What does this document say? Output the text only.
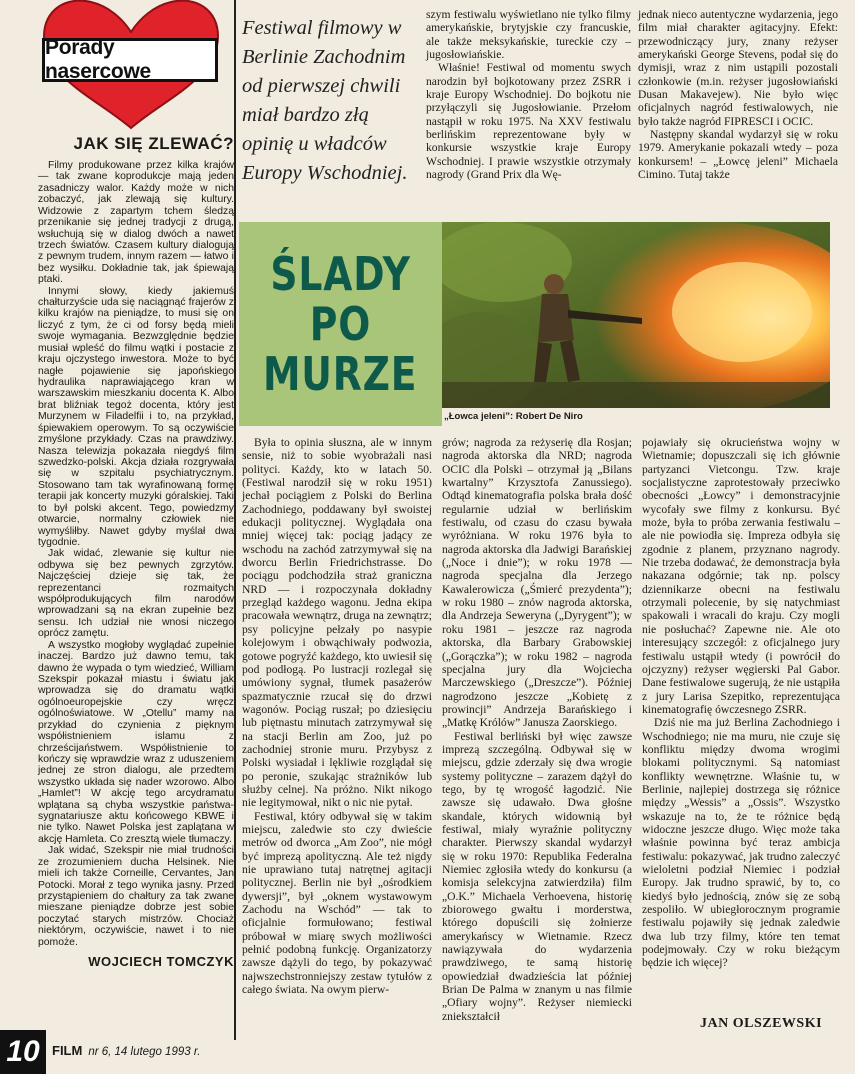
Porady nasercowe
JAK SIĘ ZLEWAĆ?

Filmy produkowane przez kilka krajów — tak zwane koprodukcje mają jeden zasadniczy walor. Każdy może w nich zobaczyć, jak zlewają się kultury. Widzowie z zapartym tchem śledzą przenikanie się jednej tradycji z drugą, wsłuchują się w dialog dwóch a nawet trzech światów. Czasem kultury dialogują z pewnym trudem, innym razem — łatwo i bez wysiłku. Dokładnie tak, jak śpiewają ptaki.

Innymi słowy, kiedy jakiemuś chałturzyście uda się naciągnąć frajerów z kilku krajów na pieniądze, to musi się on liczyć z tym, że ci od forsy będą mieli swoje wymagania. Bezwzględnie będzie musiał wpleść do filmu wątki i postacie z kraju ojczystego inwestora. Może to być nagłe pojawienie się japońskiego hydraulika naprawiającego kran w warszawskim mieszkaniu docenta K. Albo brat bliźniak tegoż docenta, który jest Murzynem w Filadelfii i to, na przykład, śpiewakiem operowym. To są oczywiście zmyślone przykłady. Czas na prawdziwy. Nasza telewizja pokazała niegdyś film szwedzko-polski. Akcja działa rozgrywała się w szpitalu psychiatrycznym. Stosowano tam tak wyrafinowaną formę terapii jak koncerty muzyki góralskiej. Taki to był polski akcent. Tego, powiedzmy otwarcie, normalny człowiek nie wymyśliłby. Nawet gdyby myślał dwa tygodnie.

Jak widać, zlewanie się kultur nie odbywa się bez pewnych zgrzytów. Najczęściej dzieje się tak, że reprezentanci rozmaitych współprodukujących film narodów wprowadzani są na ekran zupełnie bez sensu. Ich udział nie wnosi niczego oprócz zamętu.

A wszystko mogłoby wyglądać zupełnie inaczej. Bardzo już dawno temu, tak dawno że wypada o tym wiedzieć, William Szekspir pokazał miastu i światu jak wprowadza się do dramatu wątki ogólnoeuropejskie czy wręcz ogólnoświatowe. W „Otellu” mamy na przykład do czynienia z pięknym współistnieniem islamu z chrześcijaństwem. Współistnienie to kończy się wprawdzie wraz z uduszeniem jednej ze stron dialogu, ale przedtem wszystko układa się nader wzorowo. Albo „Hamlet”! W akcję tego arcydramatu wplątana są chyba wszystkie państwa-sygnatariusze aktu końcowego KBWE i nie tylko. Nawet Polska jest zaplątana w akcję Hamleta. Co zresztą wiele tłumaczy.

Jak widać, Szekspir nie miał trudności ze zrozumieniem ducha Helsinek. Nie mieli ich także Corneille, Cervantes, Jan Potocki. Morał z tego wynika jasny. Przed przystąpieniem do chałtury za tak zwane mieszane pieniądze dobrze jest sobie poczytać starych mistrzów. Chociaż niektórym, oczywiście, nawet i to nie pomoże.

WOJCIECH TOMCZYK
Festiwal filmowy w Berlinie Zachodnim od pierwszej chwili miał bardzo złą opinię u władców Europy Wschodniej.

szym festiwalu wyświetlano nie tylko filmy amerykańskie, brytyjskie czy francuskie, ale także meksykańskie, tureckie czy – jugosłowiańskie.

Właśnie! Festiwal od momentu swych narodzin był bojkotowany przez ZSRR i kraje Europy Wschodniej. Do bojkotu nie przyłączyli się Jugosłowianie. Przełom nastąpił w roku 1975. Na XXV festiwalu berlińskim reprezentowane były w konkursie wszystkie kraje Europy Wschodniej. I prawie wszystkie otrzymały nagrody (Grand Prix dla Wę-

jednak nieco autentyczne wydarzenia, jego film miał charakter agitacyjny. Efekt: przewodniczący jury, znany reżyser amerykański George Stevens, podał się do dymisji, wraz z nim ustąpili pozostali członkowie (m.in. reżyser jugosłowiański Dusan Makavejew). Nie było więc oficjalnych nagród festiwalowych, nie było także nagród FIPRESCI i OCIC.

Następny skandal wydarzył się w roku 1979. Amerykanie pokazali wtedy – poza konkursem! – „Łowcę jeleni” Michaela Cimino. Tutaj także

ŚLADY
PO
MURZE
„Łowca jeleni”: Robert De Niro

Była to opinia słuszna, ale w innym sensie, niż to sobie wyobrażali nasi polityci. Każdy, kto w latach 50. (Festiwal narodził się w roku 1951) jechał pociągiem z Polski do Berlina Zachodniego, poddawany był swoistej edukacji politycznej. Wyglądała ona mniej więcej tak: pociąg jadący ze wschodu na zachód zatrzymywał się na dworcu Berlin Friedrichstrasse. Do pociągu podchodziła straż graniczna NRD — i rozpoczynała dokładny przegląd każdego wagonu. Jedna ekipa pracowała wewnątrz, druga na zewnątrz; psy policyjne pełzały po nasypie kolejowym i obwąchiwały podwozia, gotowe pogryźć każdego, kto uwiesił się pod podłogą. Po lustracji rozlegał się umówiony sygnał, tłumek pasażerów spazmatycznie rzucał się do drzwi wagonów. Pociąg ruszał; po dziesięciu lub piętnastu minutach zatrzymywał się na stacji Berlin am Zoo, już po zachodniej stronie muru. Przybysz z Polski wysiadał i lękliwie rozglądał się po peronie, szukając strażników lub służby celnej. Na próżno. Nikt nikogo nie legitymował, nikt o nic nie pytał.

Festiwal, który odbywał się w takim miejscu, zaledwie sto czy dwieście metrów od dworca „Am Zoo”, nie mógł być imprezą apolityczną. Ale też nigdy nie uprawiano tutaj natrętnej agitacji politycznej. Berlin nie był „ośrodkiem dywersji”, był „oknem wystawowym Zachodu na Wschód” — tak to oficjalnie formułowano; festiwal próbował w miarę swych możliwości pełnić podobną funkcję. Organizatorzy zawsze dążyli do tego, by pokazywać najwszechstronniejszy zestaw tytułów z całego świata. Na owym pierw-

grów; nagroda za reżyserię dla Rosjan; nagroda aktorska dla NRD; nagroda OCIC dla Polski – otrzymał ją „Bilans kwartalny” Krzysztofa Zanussiego). Odtąd kinematografia polska brała dość regularnie udział w berlińskim festiwalu, od czasu do czasu bywała wyróżniana. W roku 1976 była to nagroda aktorska dla Jadwigi Barańskiej („Noce i dnie”); w roku 1978 — nagroda specjalna dla Jerzego Kawalerowicza („Śmierć prezydenta”); w roku 1980 – znów nagroda aktorska, dla Andrzeja Seweryna („Dyrygent”); w roku 1981 – jeszcze raz nagroda aktorska, dla Barbary Grabowskiej („Gorączka”); w roku 1982 – nagroda specjalna jury dla Wojciecha Marczewskiego („Dreszcze”). Później nagrodzono jeszcze „Kobietę z prowincji” Andrzeja Barańskiego i „Matkę Królów” Janusza Zaorskiego.

Festiwal berliński był więc zawsze imprezą szczególną. Odbywał się w miejscu, gdzie zderzały się dwa wrogie systemy polityczne – zarazem dążył do tego, by tę wrogość łagodzić. Nie zawsze się udawało. Dwa głośne skandale, których widownią był festiwal, miały wyraźnie polityczny charakter. Pierwszy skandal wydarzył się w roku 1970: Republika Federalna Niemiec zgłosiła wtedy do konkursu (a komisja selekcyjna zatwierdziła) film „O.K.” Michaela Verhoevena, historię zbiorowego gwałtu i morderstwa, którego dopuścili się żołnierze amerykańscy w Wietnamie. Rzecz nawiązywała do wydarzenia prawdziwego, te samą historię opowiedział dwadzieścia lat później Brian De Palma w znanym u nas filmie „Ofiary wojny”. Reżyser niemiecki zniekształcił

pojawiały się okrucieństwa wojny w Wietnamie; dopuszczali się ich głównie partyzanci Vietcongu. Tzw. kraje socjalistyczne zaprotestowały przeciwko obecności „Łowcy” i demonstracyjnie wycofały swe filmy z konkursu. Być może, była to próba zerwania festiwalu – ale nie powiodła się. Impreza odbyła się zgodnie z planem, przyznano nagrody. Nie trzeba dodawać, że demonstracja była nakazana odgórnie; tak np. polscy dziennikarze obecni na festiwalu otrzymali polecenie, by się natychmiast spakowali i wracali do kraju. Czy mogli nie posłuchać? Zapewne nie. Ale oto interesujący szczegół: z oficjalnego jury festiwalu ustąpił wtedy (i powrócił do ojczyzny) reżyser węgierski Pal Gabor. Dane festiwalowe sugerują, że nie ustąpiła z jury Larisa Szepitko, reprezentująca kinematografię ówczesnego ZSRR.

Dziś nie ma już Berlina Zachodniego i Wschodniego; nie ma muru, nie czuje się konfliktu między dwoma wrogimi blokami politycznymi. Są natomiast konflikty wewnętrzne. Właśnie tu, w Berlinie, najlepiej dostrzega się różnice między „Wessis” a „Ossis”. Wszystko wskazuje na to, że te różnice będą widoczne jeszcze długo. Więc może taka właśnie powinna być teraz ambicja festiwalu: pokazywać, jak trudno zaleczyć wieloletni podział Niemiec i podział Europy. Jak trudno sprawić, by to, co kiedyś było jednością, znów się ze sobą zespoliło. W ubiegłorocznym programie festiwalu pojawiły się jednak zaledwie dwa lub trzy filmy, które ten temat podejmowały. Czy w roku bieżącym będzie ich więcej?

JAN OLSZEWSKI
10 FILM nr 6, 14 lutego 1993 r.
